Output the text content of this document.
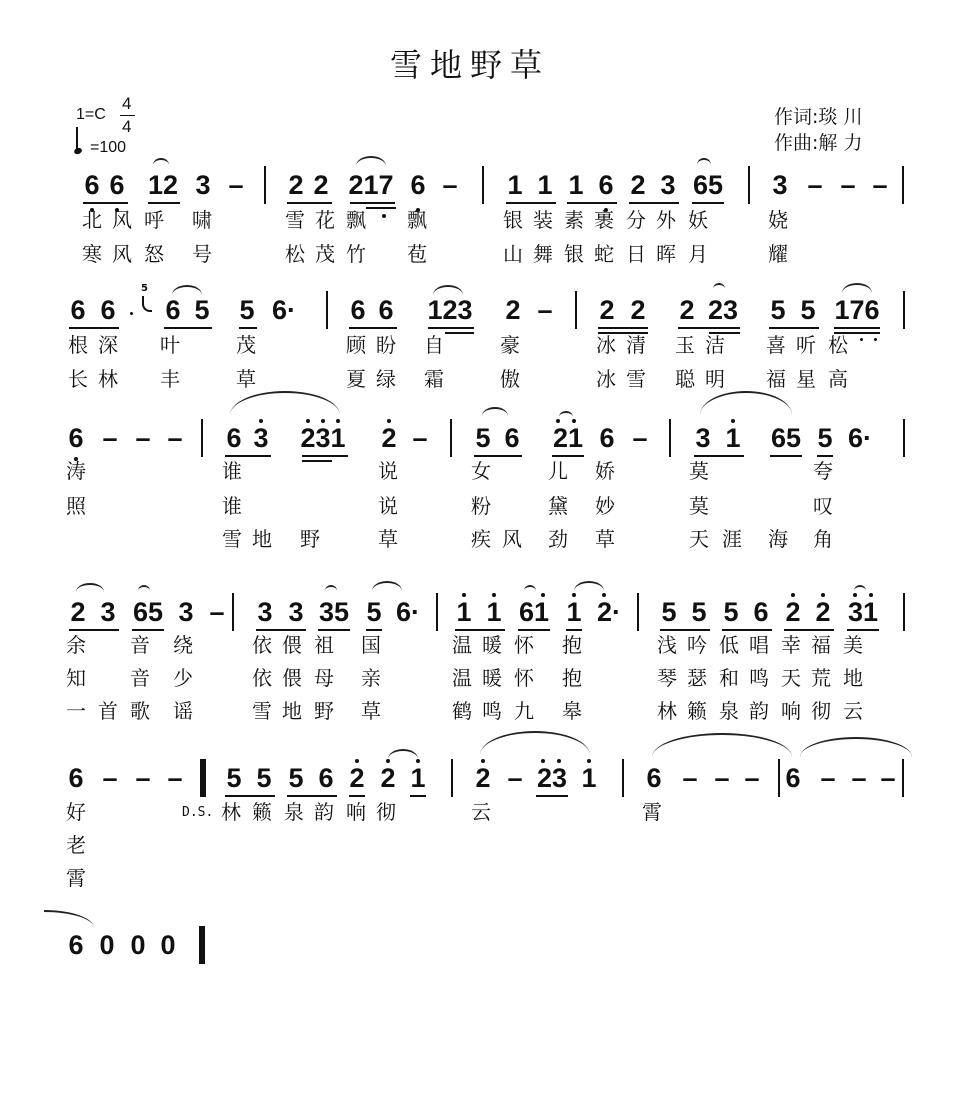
雪地野草
1=C
4
4
=100
作词:琰 川
作曲:解 力
6 6 12 3 – 2 2 217 6 – 1 1 1 6 2 3 65 3 – – –
北 风 呼 啸	雪 花 飘 飘	银 装 素 裹 分 外 妖	娆
寒 风 怒 号	松 茂 竹 苞	山 舞 银 蛇 日 晖 月	耀
6 6
5
6 5 5 6· 6 6 123 2 – 2 2 2 23 5 5 176
根 深 叶	茂	顾 盼 自	豪	冰 清 玉 洁 喜 听 松
长 林 丰	草	夏 绿 霜	傲	冰 雪 聪 明 福 星 高
6 – – – 6 3 231 2 – 5 6 21 6 – 3 1 65 5 6·
涛	谁	说	女	儿 娇	莫	夸
照	谁	说	粉	黛 妙	莫	叹
雪 地 野	草	疾 风 劲 草	天 涯 海 角
2 3 65 3 – 3 3 35 5 6· 1 1 61 1 2· 5 5 5 6 2 2 31
余 音 绕	依 偎 祖 国	温 暖 怀 抱	浅 吟 低 唱 幸 福 美
知 音 少	依 偎 母 亲	温 暖 怀 抱	琴 瑟 和 鸣 天 荒 地
一 首 歌 谣	雪 地 野 草	鹤 鸣 九 皋	林 籁 泉 韵 响 彻 云
6 – – – 5 5 5 6 2 2 1 2 – 23 1 6 – – – 6 – – –
D.S.
好	林 籁 泉 韵 响 彻	云	霄
老
霄
6 0 0 0
